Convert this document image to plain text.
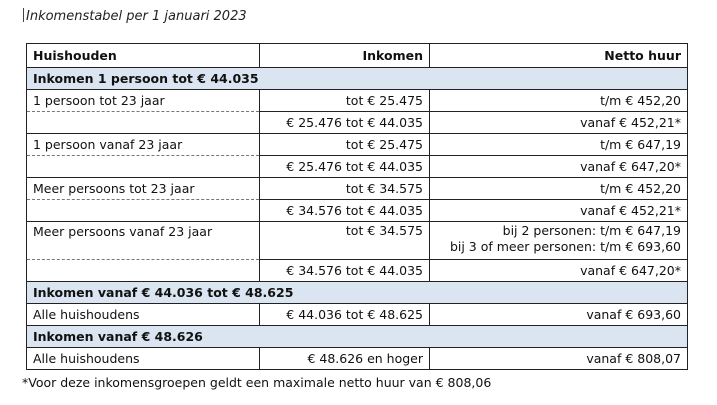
Inkomenstabel per 1 januari 2023
Huishouden	Inkomen	Netto huur
Inkomen 1 persoon tot € 44.035		
1 persoon tot 23 jaar	tot € 25.475	t/m € 452,20
	€ 25.476 tot € 44.035	vanaf € 452,21*
1 persoon vanaf 23 jaar	tot € 25.475	t/m € 647,19
	€ 25.476 tot € 44.035	vanaf € 647,20*
Meer persoons tot 23 jaar	tot € 34.575	t/m € 452,20
	€ 34.576 tot € 44.035	vanaf € 452,21*
Meer persoons vanaf 23 jaar	tot € 34.575	bij 2 personen: t/m € 647,19
bij 3 of meer personen: t/m € 693,60

	€ 34.576 tot € 44.035	vanaf € 647,20*
Inkomen vanaf € 44.036 tot € 48.625		
Alle huishoudens	€ 44.036 tot € 48.625	vanaf € 693,60
Inkomen vanaf € 48.626		
Alle huishoudens	€ 48.626 en hoger	vanaf € 808,07
*Voor deze inkomensgroepen geldt een maximale netto huur van € 808,06
